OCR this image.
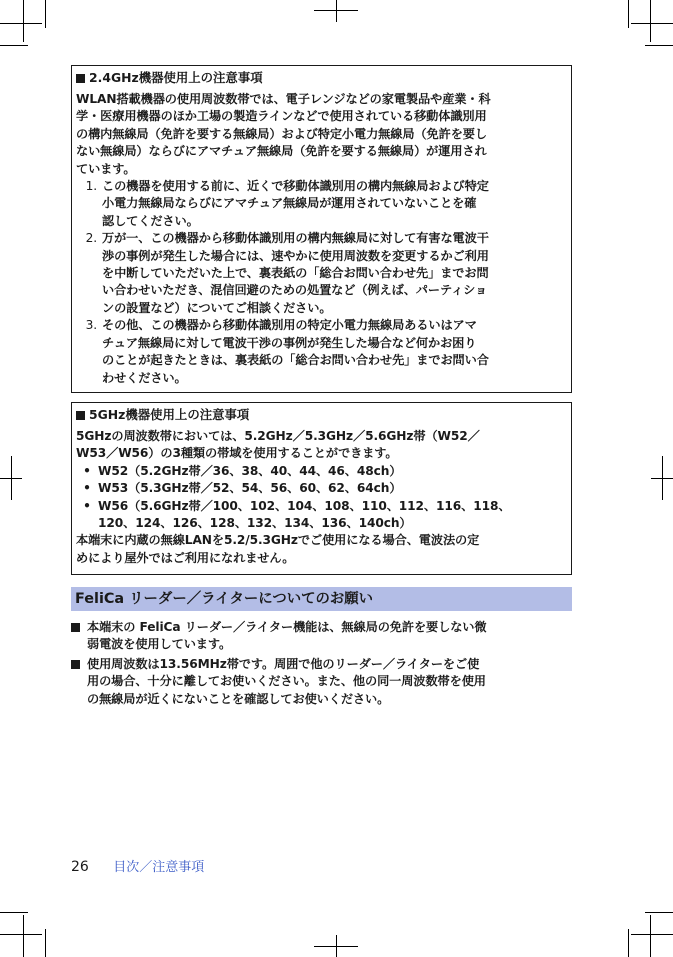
2.4GHz機器使用上の注意事項
WLAN搭載機器の使用周波数帯では、電子レンジなどの家電製品や産業・科
学・医療用機器のほか工場の製造ラインなどで使用されている移動体識別用
の構内無線局（免許を要する無線局）および特定小電力無線局（免許を要し
ない無線局）ならびにアマチュア無線局（免許を要する無線局）が運用され
ています。
1. この機器を使用する前に、近くで移動体識別用の構内無線局および特定
小電力無線局ならびにアマチュア無線局が運用されていないことを確
認してください。
2. 万が一、この機器から移動体識別用の構内無線局に対して有害な電波干
渉の事例が発生した場合には、速やかに使用周波数を変更するかご利用
を中断していただいた上で、裏表紙の「総合お問い合わせ先」までお問
い合わせいただき、混信回避のための処置など（例えば、パーティショ
ンの設置など）についてご相談ください。
3. その他、この機器から移動体識別用の特定小電力無線局あるいはアマ
チュア無線局に対して電波干渉の事例が発生した場合など何かお困り
のことが起きたときは、裏表紙の「総合お問い合わせ先」までお問い合
わせください。
5GHz機器使用上の注意事項
5GHzの周波数帯においては、5.2GHz／5.3GHz／5.6GHz帯（W52／
W53／W56）の3種類の帯域を使用することができます。
• W52（5.2GHz帯／36、38、40、44、46、48ch）
• W53（5.3GHz帯／52、54、56、60、62、64ch）
• W56（5.6GHz帯／100、102、104、108、110、112、116、118、
120、124、126、128、132、134、136、140ch）
本端末に内蔵の無線LANを5.2/5.3GHzでご使用になる場合、電波法の定
めにより屋外ではご利用になれません。
FeliCa リーダー／ライターについてのお願い
本端末の FeliCa リーダー／ライター機能は、無線局の免許を要しない微
弱電波を使用しています。
使用周波数は13.56MHz帯です。周囲で他のリーダー／ライターをご使
用の場合、十分に離してお使いください。また、他の同一周波数帯を使用
の無線局が近くにないことを確認してお使いください。
26 目次／注意事項
